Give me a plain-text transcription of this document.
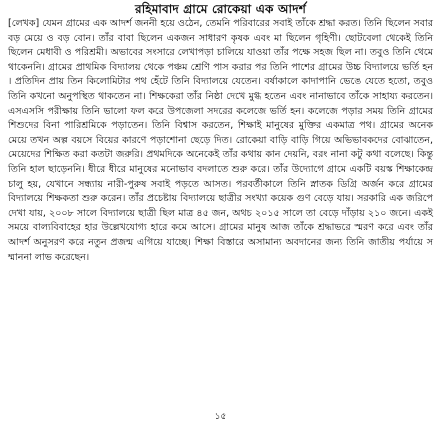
রহিমাবাদ গ্রামে রোকেয়া এক আদর্শ

[লেখক] যেমন গ্রামের এক আদর্শ জননী হয়ে ওঠেন, তেমনি পরিবারের সবাই তাঁকে শ্রদ্ধা করত। তিনি ছিলেন সবার বড় মেয়ে ও বড় বোন। তাঁর বাবা ছিলেন একজন সাধারণ কৃষক এবং মা ছিলেন গৃহিণী। ছোটবেলা থেকেই তিনি ছিলেন মেধাবী ও পরিশ্রমী। অভাবের সংসারে লেখাপড়া চালিয়ে যাওয়া তাঁর পক্ষে সহজ ছিল না। তবুও তিনি থেমে থাকেননি। গ্রামের প্রাথমিক বিদ্যালয় থেকে পঞ্চম শ্রেণি পাস করার পর তিনি পাশের গ্রামের উচ্চ বিদ্যালয়ে ভর্তি হন। প্রতিদিন প্রায় তিন কিলোমিটার পথ হেঁটে তিনি বিদ্যালয়ে যেতেন। বর্ষাকালে কাদাপানি ভেঙে যেতে হতো, তবুও তিনি কখনো অনুপস্থিত থাকতেন না। শিক্ষকেরা তাঁর নিষ্ঠা দেখে মুগ্ধ হতেন এবং নানাভাবে তাঁকে সাহায্য করতেন। এসএসসি পরীক্ষায় তিনি ভালো ফল করে উপজেলা সদরের কলেজে ভর্তি হন। কলেজে পড়ার সময় তিনি গ্রামের শিশুদের বিনা পারিশ্রমিকে পড়াতেন। তিনি বিশ্বাস করতেন, শিক্ষাই মানুষের মুক্তির একমাত্র পথ। গ্রামের অনেক মেয়ে তখন অল্প বয়সে বিয়ের কারণে পড়াশোনা ছেড়ে দিত। রোকেয়া বাড়ি বাড়ি গিয়ে অভিভাবকদের বোঝাতেন, মেয়েদের শিক্ষিত করা কতটা জরুরি। প্রথমদিকে অনেকেই তাঁর কথায় কান দেয়নি, বরং নানা কটু কথা বলেছে। কিন্তু তিনি হাল ছাড়েননি। ধীরে ধীরে মানুষের মনোভাব বদলাতে শুরু করে। তাঁর উদ্যোগে গ্রামে একটি বয়স্ক শিক্ষাকেন্দ্র চালু হয়, যেখানে সন্ধ্যায় নারী-পুরুষ সবাই পড়তে আসত। পরবর্তীকালে তিনি স্নাতক ডিগ্রি অর্জন করে গ্রামের বিদ্যালয়ে শিক্ষকতা শুরু করেন। তাঁর প্রচেষ্টায় বিদ্যালয়ে ছাত্রীর সংখ্যা কয়েক গুণ বেড়ে যায়। সরকারি এক জরিপে দেখা যায়, ২০০৮ সালে বিদ্যালয়ে ছাত্রী ছিল মাত্র ৪৫ জন, অথচ ২০১৫ সালে তা বেড়ে দাঁড়ায় ২১০ জনে। একই সময়ে বাল্যবিবাহের হার উল্লেখযোগ্য হারে কমে আসে। গ্রামের মানুষ আজ তাঁকে শ্রদ্ধাভরে স্মরণ করে এবং তাঁর আদর্শ অনুসরণ করে নতুন প্রজন্ম এগিয়ে যাচ্ছে। শিক্ষা বিস্তারে অসামান্য অবদানের জন্য তিনি জাতীয় পর্যায়ে সম্মাননা লাভ করেছেন।

১৫
